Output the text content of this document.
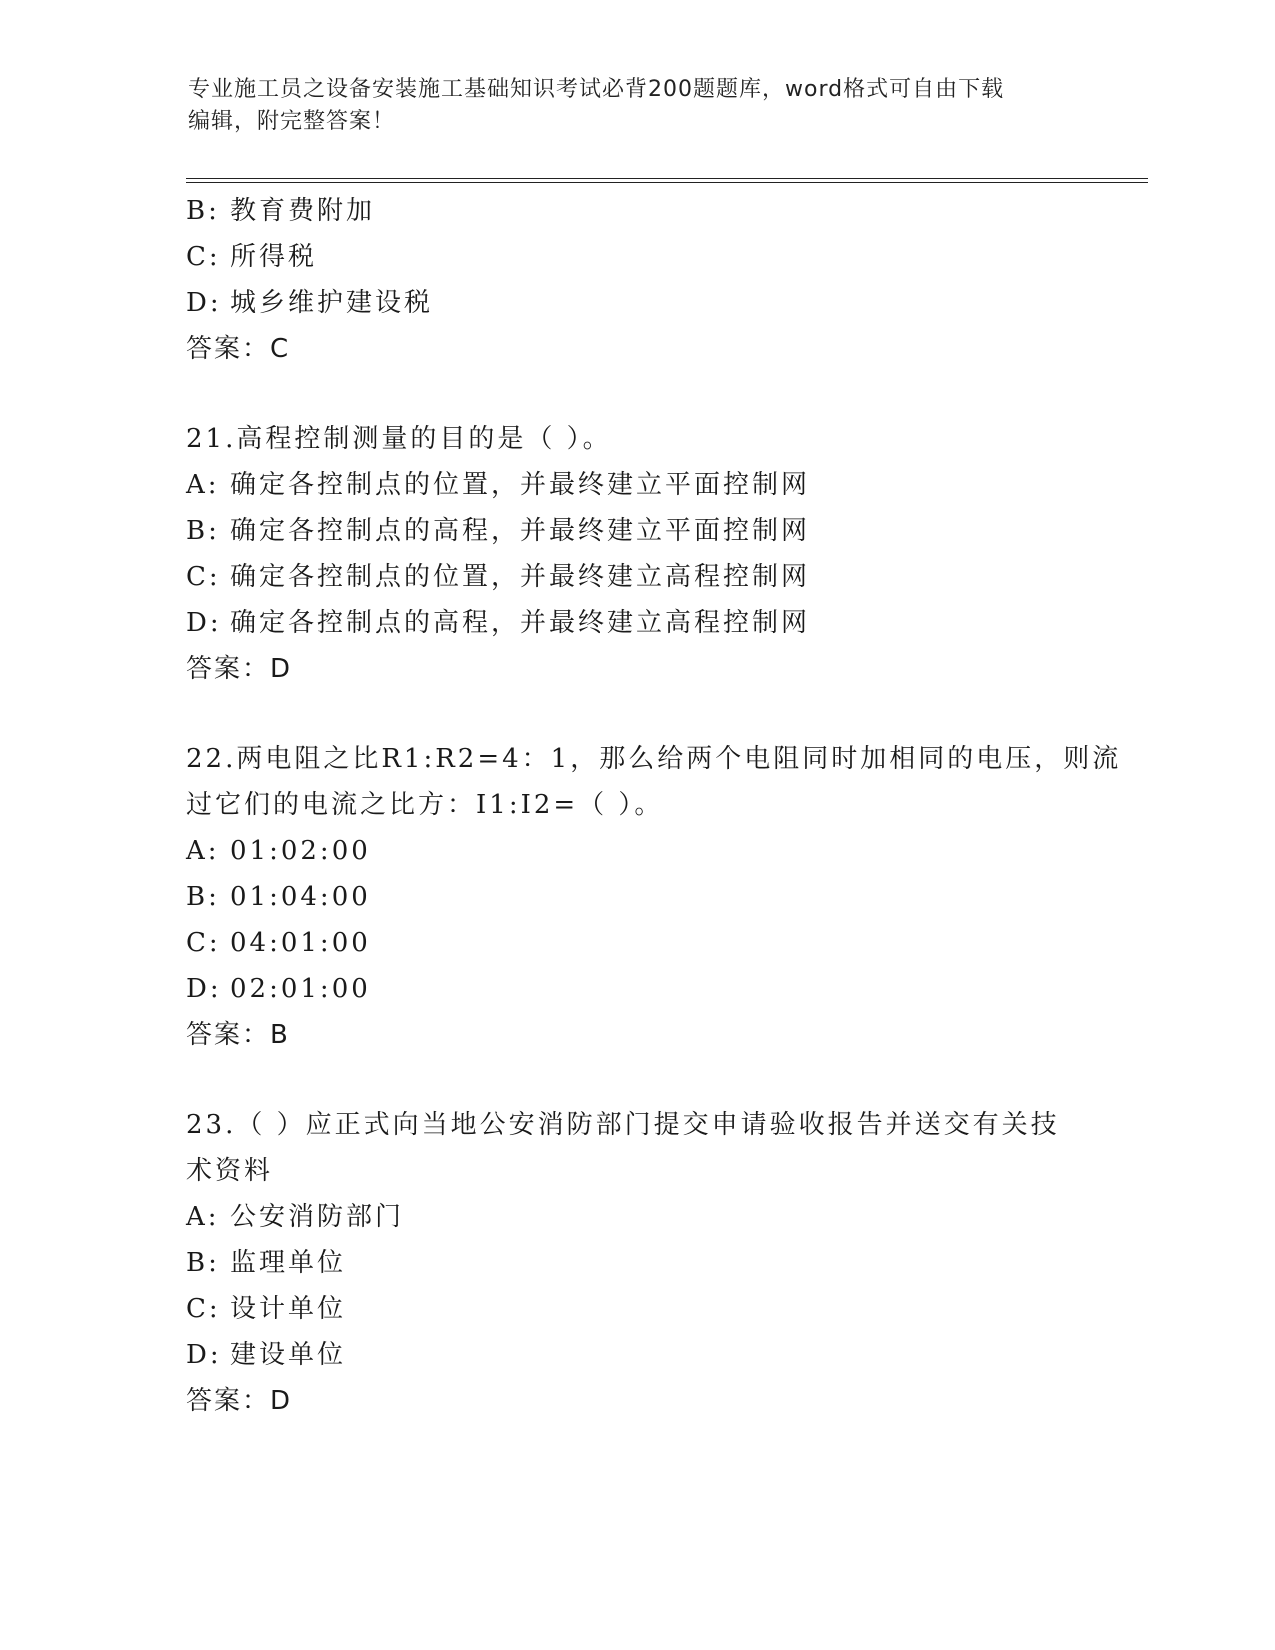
专业施工员之设备安装施工基础知识考试必背200题题库，word格式可自由下载
编辑，附完整答案！
B: 教育费附加
C: 所得税
D: 城乡维护建设税
答案：C
21.高程控制测量的目的是（ ）。
A: 确定各控制点的位置，并最终建立平面控制网
B: 确定各控制点的高程，并最终建立平面控制网
C: 确定各控制点的位置，并最终建立高程控制网
D: 确定各控制点的高程，并最终建立高程控制网
答案：D
22.两电阻之比R1:R2=4：1，那么给两个电阻同时加相同的电压，则流
过它们的电流之比方：I1:I2=（ ）。
A: 01:02:00
B: 01:04:00
C: 04:01:00
D: 02:01:00
答案：B
23.（ ）应正式向当地公安消防部门提交申请验收报告并送交有关技
术资料
A: 公安消防部门
B: 监理单位
C: 设计单位
D: 建设单位
答案：D
